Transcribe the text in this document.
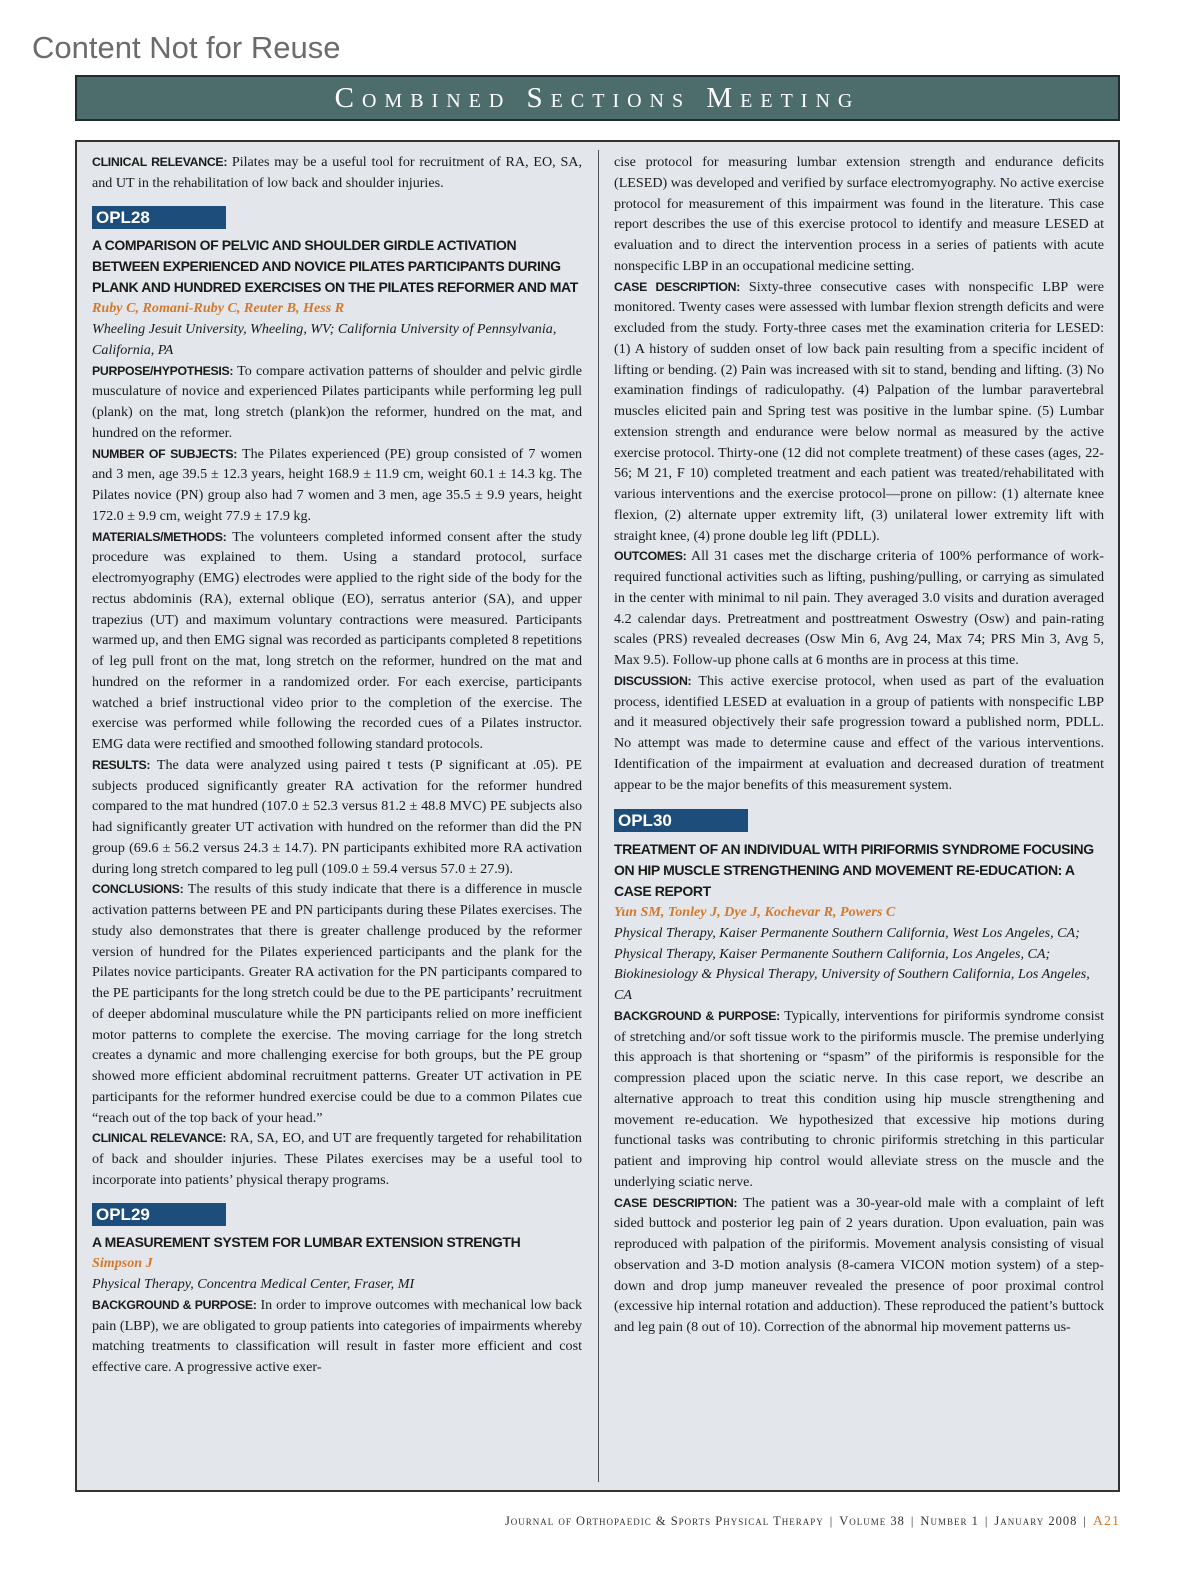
Content Not for Reuse
Combined Sections Meeting

CLINICAL RELEVANCE: Pilates may be a useful tool for recruitment of RA, EO, SA, and UT in the rehabilitation of low back and shoulder injuries.

OPL28

A COMPARISON OF PELVIC AND SHOULDER GIRDLE ACTIVATION BETWEEN EXPERIENCED AND NOVICE PILATES PARTICIPANTS DURING PLANK AND HUNDRED EXERCISES ON THE PILATES REFORMER AND MAT

Ruby C, Romani-Ruby C, Reuter B, Hess R

Wheeling Jesuit University, Wheeling, WV; California University of Pennsylvania, California, PA

PURPOSE/HYPOTHESIS: To compare activation patterns of shoulder and pelvic girdle musculature of novice and experienced Pilates participants while performing leg pull (plank) on the mat, long stretch (plank)on the reformer, hundred on the mat, and hundred on the reformer.

NUMBER OF SUBJECTS: The Pilates experienced (PE) group consisted of 7 women and 3 men, age 39.5 ± 12.3 years, height 168.9 ± 11.9 cm, weight 60.1 ± 14.3 kg. The Pilates novice (PN) group also had 7 women and 3 men, age 35.5 ± 9.9 years, height 172.0 ± 9.9 cm, weight 77.9 ± 17.9 kg.

MATERIALS/METHODS: The volunteers completed informed consent after the study procedure was explained to them. Using a standard protocol, surface electromyography (EMG) electrodes were applied to the right side of the body for the rectus abdominis (RA), external oblique (EO), serratus anterior (SA), and upper trapezius (UT) and maximum voluntary contractions were measured. Participants warmed up, and then EMG signal was recorded as participants completed 8 repetitions of leg pull front on the mat, long stretch on the reformer, hundred on the mat and hundred on the reformer in a randomized order. For each exercise, participants watched a brief instructional video prior to the completion of the exercise. The exercise was performed while following the recorded cues of a Pilates instructor. EMG data were rectified and smoothed following standard protocols.

RESULTS: The data were analyzed using paired t tests (P significant at .05). PE subjects produced significantly greater RA activation for the reformer hundred compared to the mat hundred (107.0 ± 52.3 versus 81.2 ± 48.8 MVC) PE subjects also had significantly greater UT activation with hundred on the reformer than did the PN group (69.6 ± 56.2 versus 24.3 ± 14.7). PN participants exhibited more RA activation during long stretch compared to leg pull (109.0 ± 59.4 versus 57.0 ± 27.9).

CONCLUSIONS: The results of this study indicate that there is a difference in muscle activation patterns between PE and PN participants during these Pilates exercises. The study also demonstrates that there is greater challenge produced by the reformer version of hundred for the Pilates experienced participants and the plank for the Pilates novice participants. Greater RA activation for the PN participants compared to the PE participants for the long stretch could be due to the PE participants’ recruitment of deeper abdominal musculature while the PN participants relied on more inefficient motor patterns to complete the exercise. The moving carriage for the long stretch creates a dynamic and more challenging exercise for both groups, but the PE group showed more efficient abdominal recruitment patterns. Greater UT activation in PE participants for the reformer hundred exercise could be due to a common Pilates cue “reach out of the top back of your head.”

CLINICAL RELEVANCE: RA, SA, EO, and UT are frequently targeted for rehabilitation of back and shoulder injuries. These Pilates exercises may be a useful tool to incorporate into patients’ physical therapy programs.

OPL29

A MEASUREMENT SYSTEM FOR LUMBAR EXTENSION STRENGTH

Simpson J

Physical Therapy, Concentra Medical Center, Fraser, MI

BACKGROUND & PURPOSE: In order to improve outcomes with mechanical low back pain (LBP), we are obligated to group patients into categories of impairments whereby matching treatments to classification will result in faster more efficient and cost effective care. A progressive active exer-

cise protocol for measuring lumbar extension strength and endurance deficits (LESED) was developed and verified by surface electromyography. No active exercise protocol for measurement of this impairment was found in the literature. This case report describes the use of this exercise protocol to identify and measure LESED at evaluation and to direct the intervention process in a series of patients with acute nonspecific LBP in an occupational medicine setting.

CASE DESCRIPTION: Sixty-three consecutive cases with nonspecific LBP were monitored. Twenty cases were assessed with lumbar flexion strength deficits and were excluded from the study. Forty-three cases met the examination criteria for LESED: (1) A history of sudden onset of low back pain resulting from a specific incident of lifting or bending. (2) Pain was increased with sit to stand, bending and lifting. (3) No examination findings of radiculopathy. (4) Palpation of the lumbar paravertebral muscles elicited pain and Spring test was positive in the lumbar spine. (5) Lumbar extension strength and endurance were below normal as measured by the active exercise protocol. Thirty-one (12 did not complete treatment) of these cases (ages, 22-56; M 21, F 10) completed treatment and each patient was treated/rehabilitated with various interventions and the exercise protocol—prone on pillow: (1) alternate knee flexion, (2) alternate upper extremity lift, (3) unilateral lower extremity lift with straight knee, (4) prone double leg lift (PDLL).

OUTCOMES: All 31 cases met the discharge criteria of 100% performance of work-required functional activities such as lifting, pushing/pulling, or carrying as simulated in the center with minimal to nil pain. They averaged 3.0 visits and duration averaged 4.2 calendar days. Pretreatment and posttreatment Oswestry (Osw) and pain-rating scales (PRS) revealed decreases (Osw Min 6, Avg 24, Max 74; PRS Min 3, Avg 5, Max 9.5). Follow-up phone calls at 6 months are in process at this time.

DISCUSSION: This active exercise protocol, when used as part of the evaluation process, identified LESED at evaluation in a group of patients with nonspecific LBP and it measured objectively their safe progression toward a published norm, PDLL. No attempt was made to determine cause and effect of the various interventions. Identification of the impairment at evaluation and decreased duration of treatment appear to be the major benefits of this measurement system.

OPL30

TREATMENT OF AN INDIVIDUAL WITH PIRIFORMIS SYNDROME FOCUSING ON HIP MUSCLE STRENGTHENING AND MOVEMENT RE-EDUCATION: A CASE REPORT

Yun SM, Tonley J, Dye J, Kochevar R, Powers C

Physical Therapy, Kaiser Permanente Southern California, West Los Angeles, CA; Physical Therapy, Kaiser Permanente Southern California, Los Angeles, CA; Biokinesiology & Physical Therapy, University of Southern California, Los Angeles, CA

BACKGROUND & PURPOSE: Typically, interventions for piriformis syndrome consist of stretching and/or soft tissue work to the piriformis muscle. The premise underlying this approach is that shortening or “spasm” of the piriformis is responsible for the compression placed upon the sciatic nerve. In this case report, we describe an alternative approach to treat this condition using hip muscle strengthening and movement re-education. We hypothesized that excessive hip motions during functional tasks was contributing to chronic piriformis stretching in this particular patient and improving hip control would alleviate stress on the muscle and the underlying sciatic nerve.

CASE DESCRIPTION: The patient was a 30-year-old male with a complaint of left sided buttock and posterior leg pain of 2 years duration. Upon evaluation, pain was reproduced with palpation of the piriformis. Movement analysis consisting of visual observation and 3-D motion analysis (8-camera VICON motion system) of a step-down and drop jump maneuver revealed the presence of poor proximal control (excessive hip internal rotation and adduction). These reproduced the patient’s buttock and leg pain (8 out of 10). Correction of the abnormal hip movement patterns us-

Journal of Orthopaedic & Sports Physical Therapy | Volume 38 | Number 1 | January 2008 | A21
